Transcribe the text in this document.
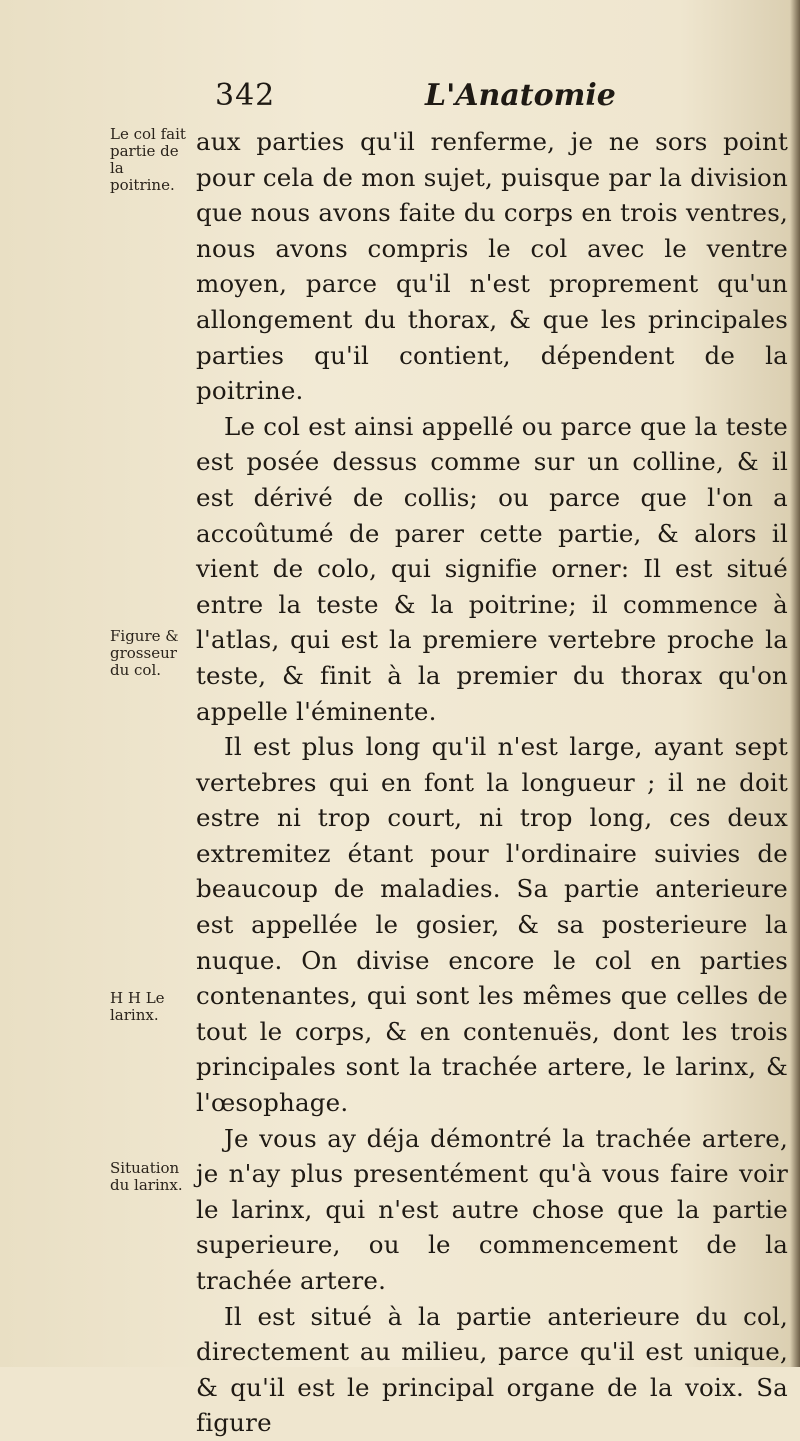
342	L'Anatomie
Le col fait partie de la poitrine.
Figure & grosseur du col.
H H Le larinx.
Situation du larinx.

aux parties qu'il renferme, je ne sors point pour cela de mon sujet, puisque par la division que nous avons faite du corps en trois ventres, nous avons compris le col avec le ventre moyen, parce qu'il n'est proprement qu'un allongement du thorax, & que les principales parties qu'il contient, dépendent de la poitrine.

Le col est ainsi appellé ou parce que la teste est posée dessus comme sur un colline, & il est dérivé de collis; ou parce que l'on a accoûtumé de parer cette partie, & alors il vient de colo, qui signifie orner: Il est situé entre la teste & la poitrine; il commence à l'atlas, qui est la premiere vertebre proche la teste, & finit à la premier du thorax qu'on appelle l'éminente.

Il est plus long qu'il n'est large, ayant sept vertebres qui en font la longueur ; il ne doit estre ni trop court, ni trop long, ces deux extremitez étant pour l'ordinaire suivies de beaucoup de maladies. Sa partie anterieure est appellée le gosier, & sa posterieure la nuque. On divise encore le col en parties contenantes, qui sont les mêmes que celles de tout le corps, & en contenuës, dont les trois principales sont la trachée artere, le larinx, & l'œsophage.

Je vous ay déja démontré la trachée artere, je n'ay plus presentément qu'à vous faire voir le larinx, qui n'est autre chose que la partie superieure, ou le commencement de la trachée artere.

Il est situé à la partie anterieure du col, directement au milieu, parce qu'il est unique, & qu'il est le principal organe de la voix. Sa figure
